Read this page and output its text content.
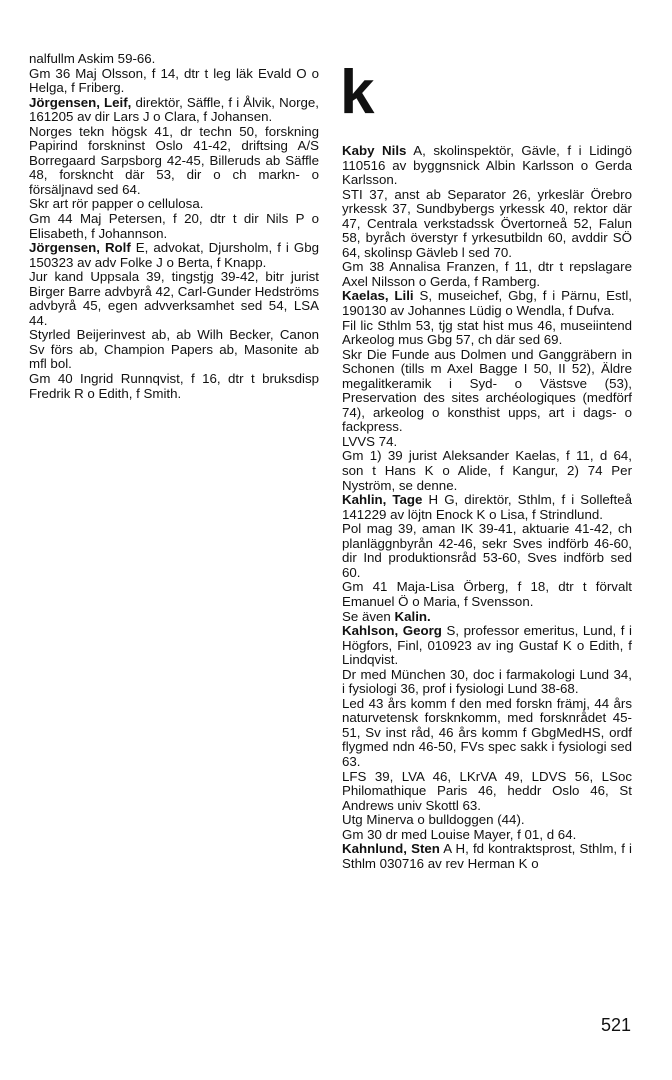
nalfullm Askim 59-66.
Gm 36 Maj Olsson, f 14, dtr t leg läk Evald O o Helga, f Friberg.
Jörgensen, Leif, direktör, Säffle, f i Ålvik, Norge, 161205 av dir Lars J o Clara, f Johansen.
Norges tekn högsk 41, dr techn 50, forskning Papirind forskninst Oslo 41-42, driftsing A/S Borregaard Sarpsborg 42-45, Billeruds ab Säffle 48, forskncht där 53, dir o ch markn- o försäljnavd sed 64.
Skr art rör papper o cellulosa.
Gm 44 Maj Petersen, f 20, dtr t dir Nils P o Elisabeth, f Johannson.
Jörgensen, Rolf E, advokat, Djursholm, f i Gbg 150323 av adv Folke J o Berta, f Knapp.
Jur kand Uppsala 39, tingstjg 39-42, bitr jurist Birger Barre advbyrå 42, Carl-Gunder Hedströms advbyrå 45, egen advverksamhet sed 54, LSA 44.
Styrled Beijerinvest ab, ab Wilh Becker, Canon Sv förs ab, Champion Papers ab, Masonite ab mfl bol.
Gm 40 Ingrid Runnqvist, f 16, dtr t bruksdisp Fredrik R o Edith, f Smith.
k
Kaby Nils A, skolinspektör, Gävle, f i Lidingö 110516 av byggnsnick Albin Karlsson o Gerda Karlsson.
STI 37, anst ab Separator 26, yrkeslär Örebro yrkessk 37, Sundbybergs yrkessk 40, rektor där 47, Centrala verkstadssk Övertorneå 52, Falun 58, byråch överstyr f yrkesutbildn 60, avddir SÖ 64, skolinsp Gävleb l sed 70.
Gm 38 Annalisa Franzen, f 11, dtr t repslagare Axel Nilsson o Gerda, f Ramberg.
Kaelas, Lili S, museichef, Gbg, f i Pärnu, Estl, 190130 av Johannes Lüdig o Wendla, f Dufva.
Fil lic Sthlm 53, tjg stat hist mus 46, museiintend Arkeolog mus Gbg 57, ch där sed 69.
Skr Die Funde aus Dolmen und Ganggräbern in Schonen (tills m Axel Bagge I 50, II 52), Äldre megalitkeramik i Syd- o Västsve (53), Preservation des sites archéologiques (medförf 74), arkeolog o konsthist upps, art i dags- o fackpress.
LVVS 74.
Gm 1) 39 jurist Aleksander Kaelas, f 11, d 64, son t Hans K o Alide, f Kangur, 2) 74 Per Nyström, se denne.
Kahlin, Tage H G, direktör, Sthlm, f i Sollefteå 141229 av löjtn Enock K o Lisa, f Strindlund.
Pol mag 39, aman IK 39-41, aktuarie 41-42, ch planläggnbyrån 42-46, sekr Sves indförb 46-60, dir Ind produktionsråd 53-60, Sves indförb sed 60.
Gm 41 Maja-Lisa Örberg, f 18, dtr t förvalt Emanuel Ö o Maria, f Svensson.
Se även Kalin.
Kahlson, Georg S, professor emeritus, Lund, f i Högfors, Finl, 010923 av ing Gustaf K o Edith, f Lindqvist.
Dr med München 30, doc i farmakologi Lund 34, i fysiologi 36, prof i fysiologi Lund 38-68.
Led 43 års komm f den med forskn främj, 44 års naturvetensk forsknkomm, med forsknrådet 45-51, Sv inst råd, 46 års komm f GbgMedHS, ordf flygmed ndn 46-50, FVs spec sakk i fysiologi sed 63.
LFS 39, LVA 46, LKrVA 49, LDVS 56, LSoc Philomathique Paris 46, heddr Oslo 46, St Andrews univ Skottl 63.
Utg Minerva o bulldoggen (44).
Gm 30 dr med Louise Mayer, f 01, d 64.
Kahnlund, Sten A H, fd kontraktsprost, Sthlm, f i Sthlm 030716 av rev Herman K o
521
